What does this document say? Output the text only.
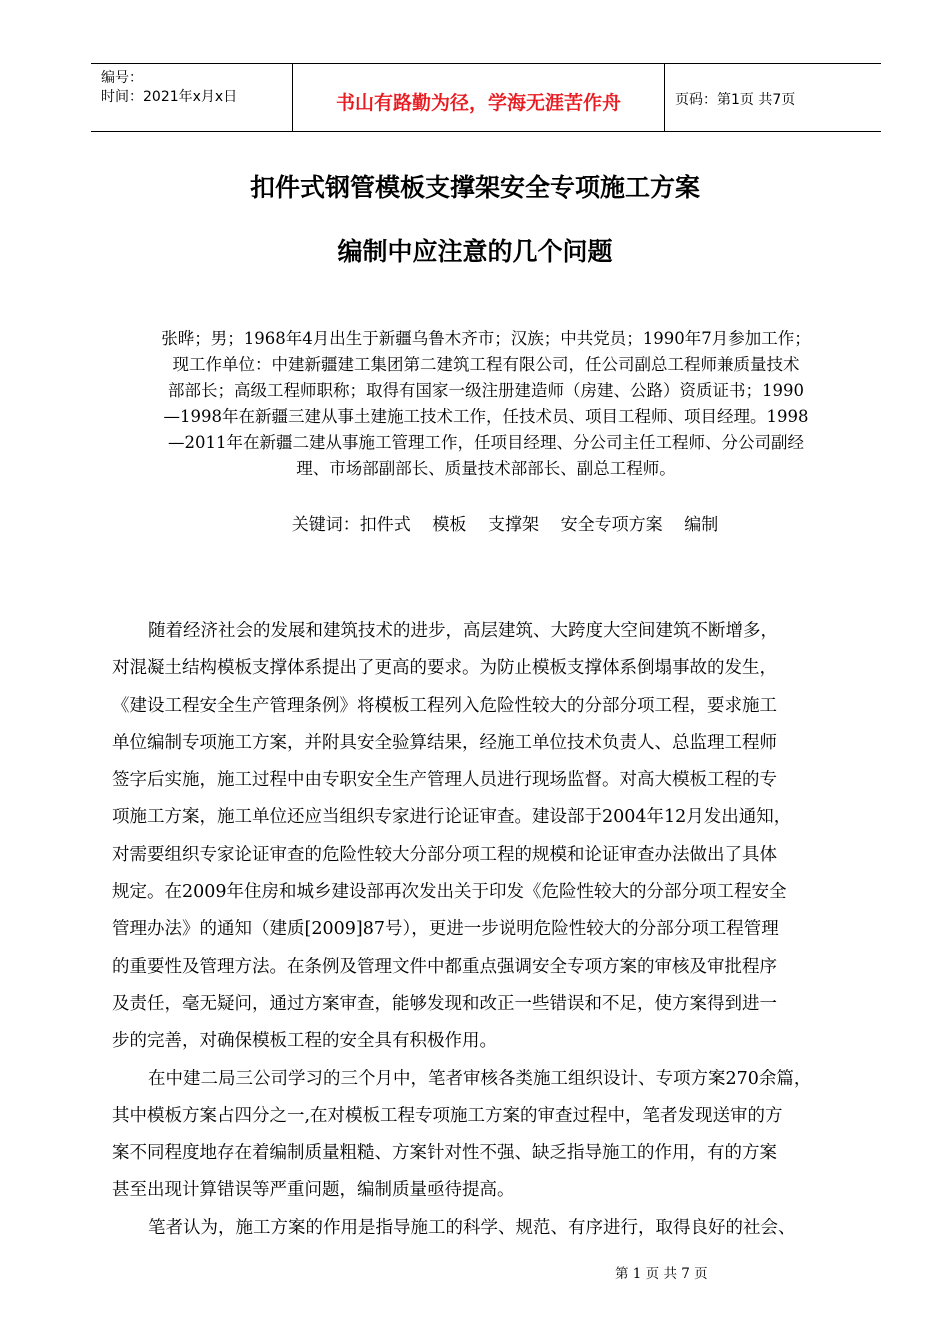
编号：
时间：2021年x月x日	书山有路勤为径，学海无涯苦作舟	页码：第1页 共7页
扣件式钢管模板支撑架安全专项施工方案
编制中应注意的几个问题
张晔；男；1968年4月出生于新疆乌鲁木齐市；汉族；中共党员；1990年7月参加工作；
现工作单位：中建新疆建工集团第二建筑工程有限公司，任公司副总工程师兼质量技术
部部长；高级工程师职称；取得有国家一级注册建造师（房建、公路）资质证书；1990
—1998年在新疆三建从事土建施工技术工作，任技术员、项目工程师、项目经理。1998
—2011年在新疆二建从事施工管理工作，任项目经理、分公司主任工程师、分公司副经
理、市场部副部长、质量技术部部长、副总工程师。
关键词：扣件式 模板 支撑架 安全专项方案 编制
随着经济社会的发展和建筑技术的进步，高层建筑、大跨度大空间建筑不断增多，
对混凝土结构模板支撑体系提出了更高的要求。为防止模板支撑体系倒塌事故的发生，
《建设工程安全生产管理条例》将模板工程列入危险性较大的分部分项工程，要求施工
单位编制专项施工方案，并附具安全验算结果，经施工单位技术负责人、总监理工程师
签字后实施，施工过程中由专职安全生产管理人员进行现场监督。对高大模板工程的专
项施工方案，施工单位还应当组织专家进行论证审查。建设部于2004年12月发出通知，
对需要组织专家论证审查的危险性较大分部分项工程的规模和论证审查办法做出了具体
规定。在2009年住房和城乡建设部再次发出关于印发《危险性较大的分部分项工程安全
管理办法》的通知（建质[2009]87号），更进一步说明危险性较大的分部分项工程管理
的重要性及管理方法。在条例及管理文件中都重点强调安全专项方案的审核及审批程序
及责任，毫无疑问，通过方案审查，能够发现和改正一些错误和不足，使方案得到进一
步的完善，对确保模板工程的安全具有积极作用。
在中建二局三公司学习的三个月中，笔者审核各类施工组织设计、专项方案270余篇，
其中模板方案占四分之一,在对模板工程专项施工方案的审查过程中，笔者发现送审的方
案不同程度地存在着编制质量粗糙、方案针对性不强、缺乏指导施工的作用，有的方案
甚至出现计算错误等严重问题，编制质量亟待提高。
笔者认为，施工方案的作用是指导施工的科学、规范、有序进行，取得良好的社会、
第 1 页 共 7 页
